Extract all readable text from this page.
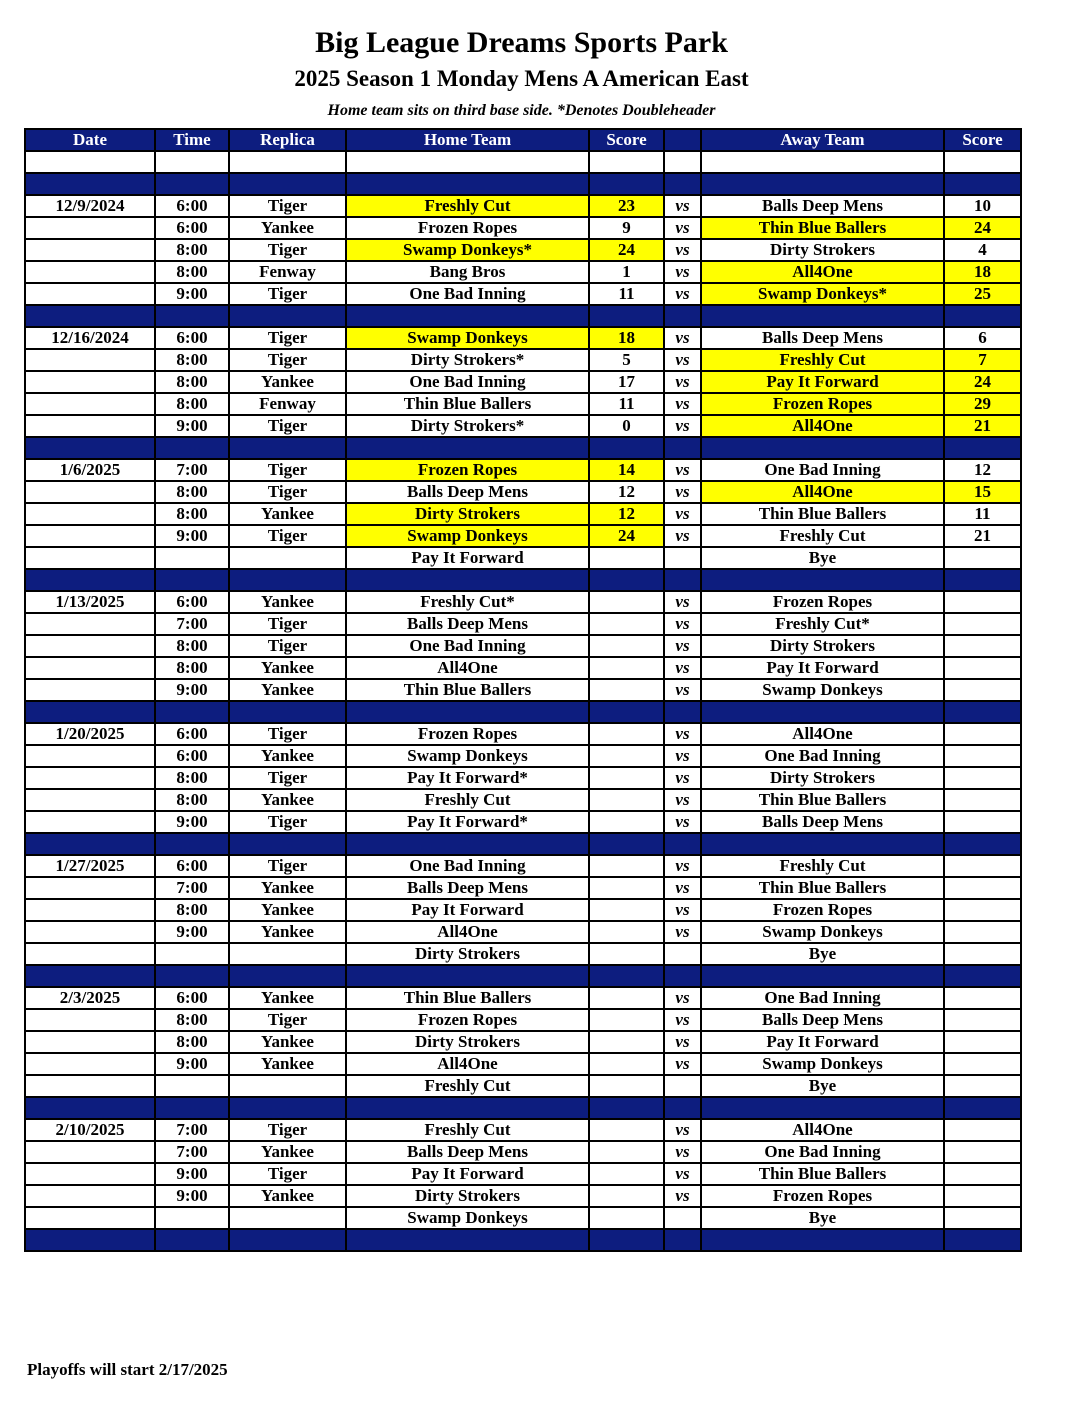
Big League Dreams Sports Park
2025 Season 1 Monday Mens A American East
Home team sits on third base side. *Denotes Doubleheader
Date	Time	Replica	Home Team	Score		Away Team	Score

12/9/2024	6:00	Tiger	Freshly Cut	23	vs	Balls Deep Mens	10
	6:00	Yankee	Frozen Ropes	9	vs	Thin Blue Ballers	24
	8:00	Tiger	Swamp Donkeys*	24	vs	Dirty Strokers	4
	8:00	Fenway	Bang Bros	1	vs	All4One	18
	9:00	Tiger	One Bad Inning	11	vs	Swamp Donkeys*	25

12/16/2024	6:00	Tiger	Swamp Donkeys	18	vs	Balls Deep Mens	6
	8:00	Tiger	Dirty Strokers*	5	vs	Freshly Cut	7
	8:00	Yankee	One Bad Inning	17	vs	Pay It Forward	24
	8:00	Fenway	Thin Blue Ballers	11	vs	Frozen Ropes	29
	9:00	Tiger	Dirty Strokers*	0	vs	All4One	21

1/6/2025	7:00	Tiger	Frozen Ropes	14	vs	One Bad Inning	12
	8:00	Tiger	Balls Deep Mens	12	vs	All4One	15
	8:00	Yankee	Dirty Strokers	12	vs	Thin Blue Ballers	11
	9:00	Tiger	Swamp Donkeys	24	vs	Freshly Cut	21
			Pay It Forward			Bye	

1/13/2025	6:00	Yankee	Freshly Cut*		vs	Frozen Ropes	
	7:00	Tiger	Balls Deep Mens		vs	Freshly Cut*	
	8:00	Tiger	One Bad Inning		vs	Dirty Strokers	
	8:00	Yankee	All4One		vs	Pay It Forward	
	9:00	Yankee	Thin Blue Ballers		vs	Swamp Donkeys	

1/20/2025	6:00	Tiger	Frozen Ropes		vs	All4One	
	6:00	Yankee	Swamp Donkeys		vs	One Bad Inning	
	8:00	Tiger	Pay It Forward*		vs	Dirty Strokers	
	8:00	Yankee	Freshly Cut		vs	Thin Blue Ballers	
	9:00	Tiger	Pay It Forward*		vs	Balls Deep Mens	

1/27/2025	6:00	Tiger	One Bad Inning		vs	Freshly Cut	
	7:00	Yankee	Balls Deep Mens		vs	Thin Blue Ballers	
	8:00	Yankee	Pay It Forward		vs	Frozen Ropes	
	9:00	Yankee	All4One		vs	Swamp Donkeys	
			Dirty Strokers			Bye	

2/3/2025	6:00	Yankee	Thin Blue Ballers		vs	One Bad Inning	
	8:00	Tiger	Frozen Ropes		vs	Balls Deep Mens	
	8:00	Yankee	Dirty Strokers		vs	Pay It Forward	
	9:00	Yankee	All4One		vs	Swamp Donkeys	
			Freshly Cut			Bye	

2/10/2025	7:00	Tiger	Freshly Cut		vs	All4One	
	7:00	Yankee	Balls Deep Mens		vs	One Bad Inning	
	9:00	Tiger	Pay It Forward		vs	Thin Blue Ballers	
	9:00	Yankee	Dirty Strokers		vs	Frozen Ropes	
			Swamp Donkeys			Bye	

Playoffs will start 2/17/2025
